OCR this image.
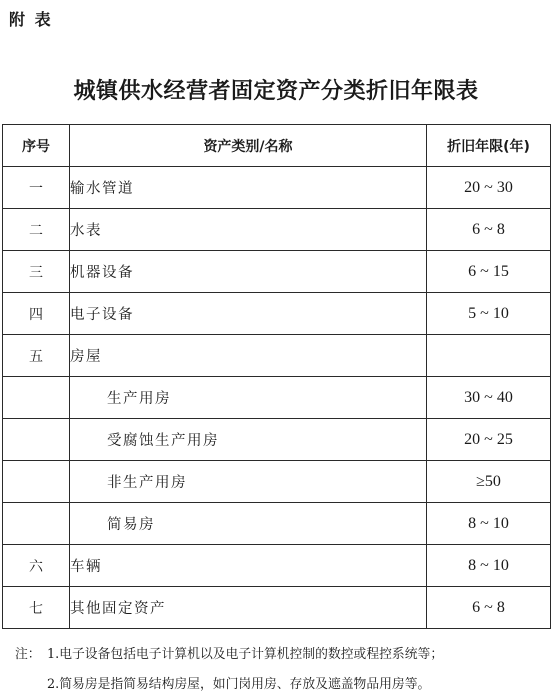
附 表
城镇供水经营者固定资产分类折旧年限表
序号	资产类别/名称	折旧年限(年)
一	输水管道	20 ~ 30
二	水表	6 ~ 8
三	机器设备	6 ~ 15
四	电子设备	5 ~ 10
五	房屋	
	生产用房	30 ~ 40
	受腐蚀生产用房	20 ~ 25
	非生产用房	≥50
	简易房	8 ~ 10
六	车辆	8 ~ 10
七	其他固定资产	6 ~ 8
注： 1.电子设备包括电子计算机以及电子计算机控制的数控或程控系统等；
2.简易房是指简易结构房屋，如门岗用房、存放及遮盖物品用房等。
